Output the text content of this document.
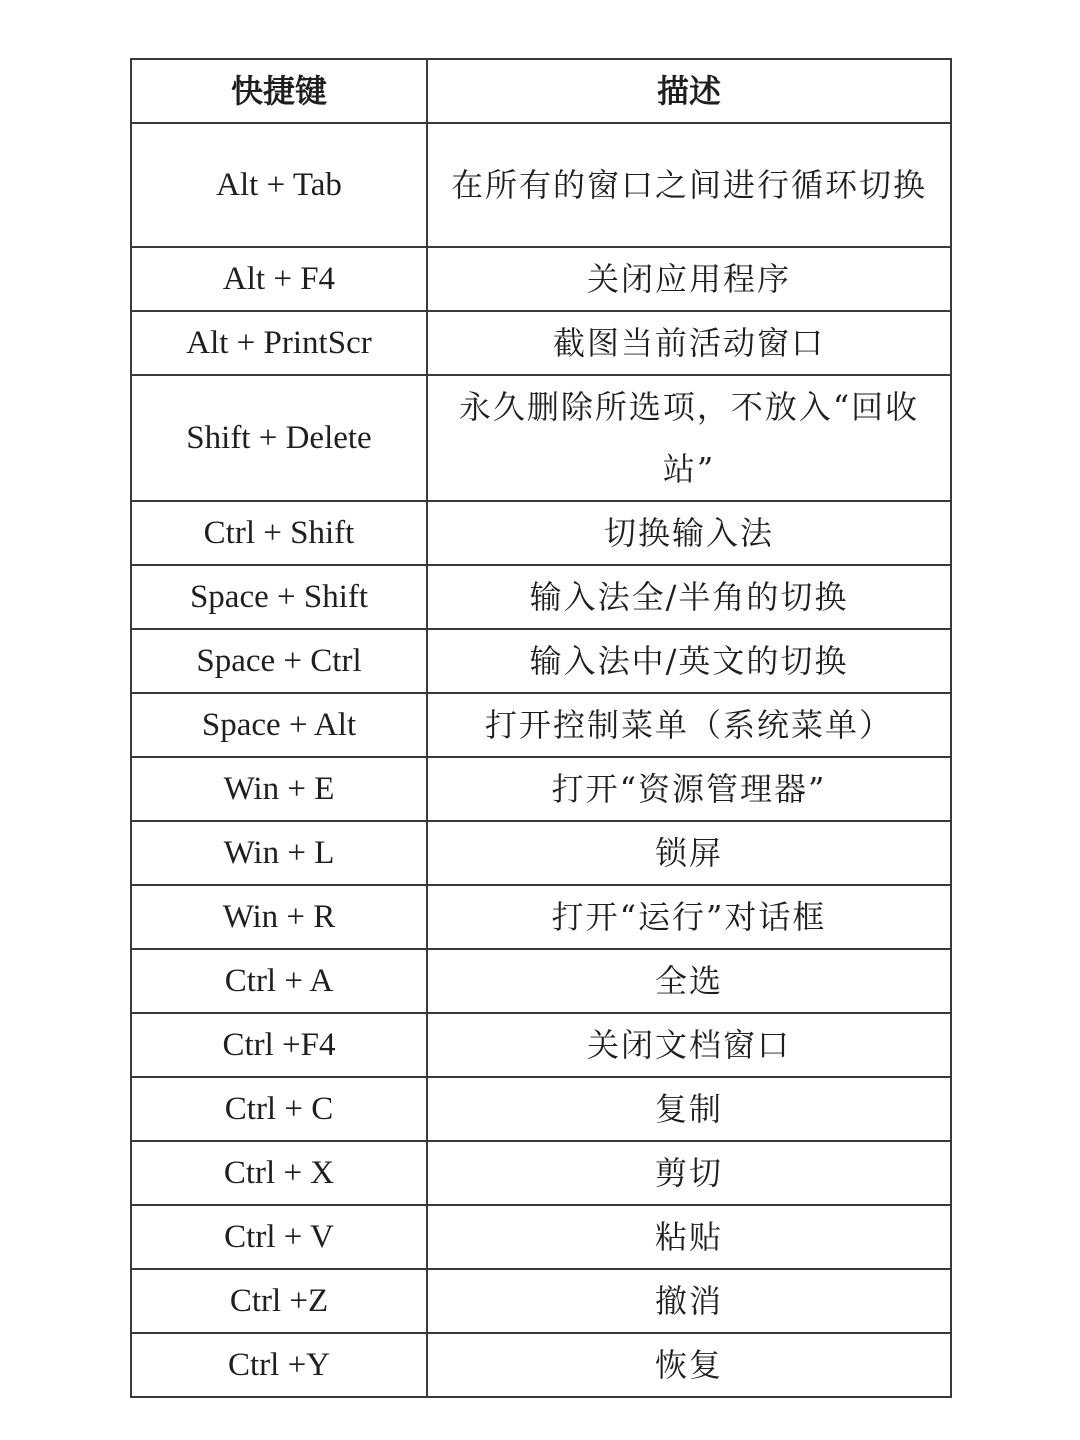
快捷键	描述
Alt + Tab	在所有的窗口之间进行循环切换
Alt + F4	关闭应用程序
Alt + PrintScr	截图当前活动窗口
Shift + Delete	永久删除所选项，不放入“回收站”
Ctrl + Shift	切换输入法
Space + Shift	输入法全/半角的切换
Space + Ctrl	输入法中/英文的切换
Space + Alt	打开控制菜单（系统菜单）
Win + E	打开“资源管理器”
Win + L	锁屏
Win + R	打开“运行”对话框
Ctrl + A	全选
Ctrl +F4	关闭文档窗口
Ctrl + C	复制
Ctrl + X	剪切
Ctrl + V	粘贴
Ctrl +Z	撤消
Ctrl +Y	恢复
